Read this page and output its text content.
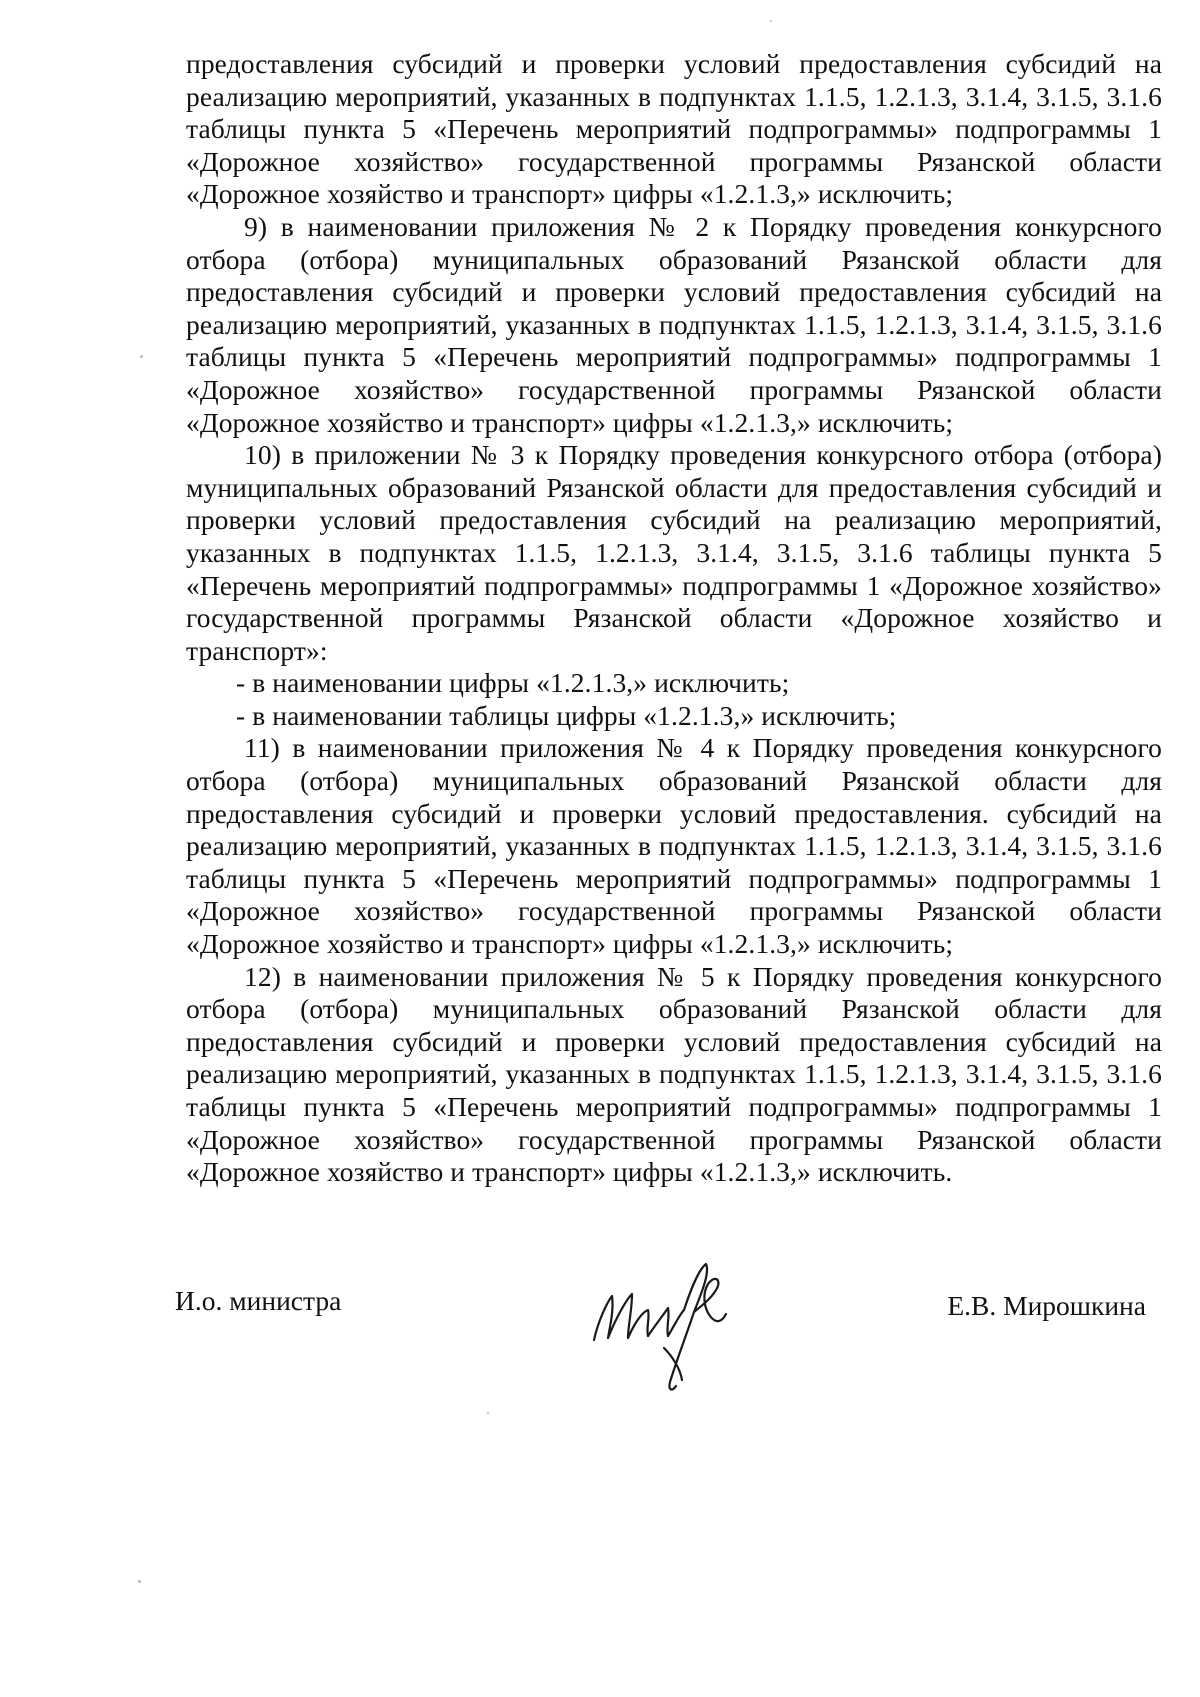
предоставления субсидий и проверки условий предоставления субсидий на реализацию мероприятий, указанных в подпунктах 1.1.5, 1.2.1.3, 3.1.4, 3.1.5, 3.1.6 таблицы пункта 5 «Перечень мероприятий подпрограммы» подпрограммы 1 «Дорожное хозяйство» государственной программы Рязанской области «Дорожное хозяйство и транспорт» цифры «1.2.1.3,» исключить;

9) в наименовании приложения № 2 к Порядку проведения конкурсного отбора (отбора) муниципальных образований Рязанской области для предоставления субсидий и проверки условий предоставления субсидий на реализацию мероприятий, указанных в подпунктах 1.1.5, 1.2.1.3, 3.1.4, 3.1.5, 3.1.6 таблицы пункта 5 «Перечень мероприятий подпрограммы» подпрограммы 1 «Дорожное хозяйство» государственной программы Рязанской области «Дорожное хозяйство и транспорт» цифры «1.2.1.3,» исключить;

10) в приложении № 3 к Порядку проведения конкурсного отбора (отбора) муниципальных образований Рязанской области для предоставления субсидий и проверки условий предоставления субсидий на реализацию мероприятий, указанных в подпунктах 1.1.5, 1.2.1.3, 3.1.4, 3.1.5, 3.1.6 таблицы пункта 5 «Перечень мероприятий подпрограммы» подпрограммы 1 «Дорожное хозяйство» государственной программы Рязанской области «Дорожное хозяйство и транспорт»:

- в наименовании цифры «1.2.1.3,» исключить;

- в наименовании таблицы цифры «1.2.1.3,» исключить;

11) в наименовании приложения № 4 к Порядку проведения конкурсного отбора (отбора) муниципальных образований Рязанской области для предоставления субсидий и проверки условий предоставления. субсидий на реализацию мероприятий, указанных в подпунктах 1.1.5, 1.2.1.3, 3.1.4, 3.1.5, 3.1.6 таблицы пункта 5 «Перечень мероприятий подпрограммы» подпрограммы 1 «Дорожное хозяйство» государственной программы Рязанской области «Дорожное хозяйство и транспорт» цифры «1.2.1.3,» исключить;

12) в наименовании приложения № 5 к Порядку проведения конкурсного отбора (отбора) муниципальных образований Рязанской области для предоставления субсидий и проверки условий предоставления субсидий на реализацию мероприятий, указанных в подпунктах 1.1.5, 1.2.1.3, 3.1.4, 3.1.5, 3.1.6 таблицы пункта 5 «Перечень мероприятий подпрограммы» подпрограммы 1 «Дорожное хозяйство» государственной программы Рязанской области «Дорожное хозяйство и транспорт» цифры «1.2.1.3,» исключить.

И.о. министра	Е.В. Мирошкина
